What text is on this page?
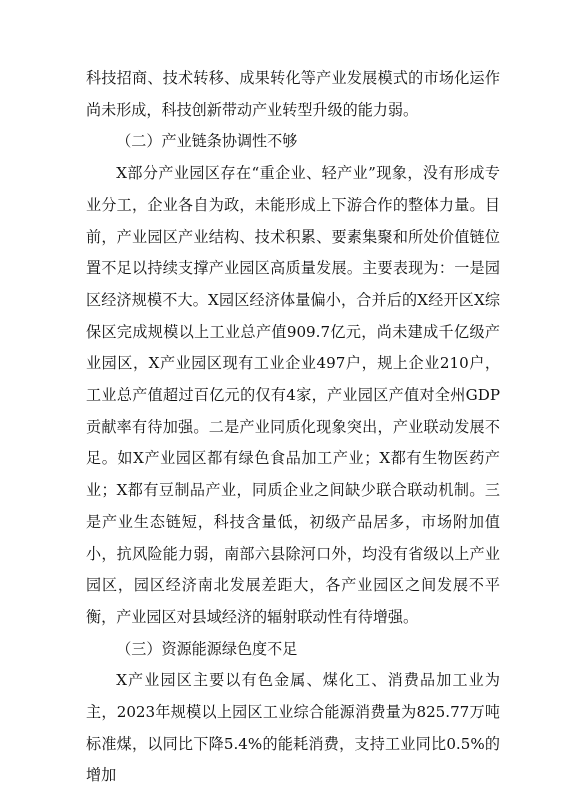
科技招商、技术转移、成果转化等产业发展模式的市场化运作尚未形成，科技创新带动产业转型升级的能力弱。

（二）产业链条协调性不够

X部分产业园区存在“重企业、轻产业”现象，没有形成专业分工，企业各自为政，未能形成上下游合作的整体力量。目前，产业园区产业结构、技术积累、要素集聚和所处价值链位置不足以持续支撑产业园区高质量发展。主要表现为：一是园区经济规模不大。X园区经济体量偏小，合并后的X经开区X综保区完成规模以上工业总产值909.7亿元，尚未建成千亿级产业园区，X产业园区现有工业企业497户，规上企业210户，工业总产值超过百亿元的仅有4家，产业园区产值对全州GDP贡献率有待加强。二是产业同质化现象突出，产业联动发展不足。如X产业园区都有绿色食品加工产业；X都有生物医药产业；X都有豆制品产业，同质企业之间缺少联合联动机制。三是产业生态链短，科技含量低，初级产品居多，市场附加值小，抗风险能力弱，南部六县除河口外，均没有省级以上产业园区，园区经济南北发展差距大，各产业园区之间发展不平衡，产业园区对县域经济的辐射联动性有待增强。

（三）资源能源绿色度不足

X产业园区主要以有色金属、煤化工、消费品加工业为主，2023年规模以上园区工业综合能源消费量为825.77万吨标准煤，以同比下降5.4%的能耗消费，支持工业同比0.5%的增加
